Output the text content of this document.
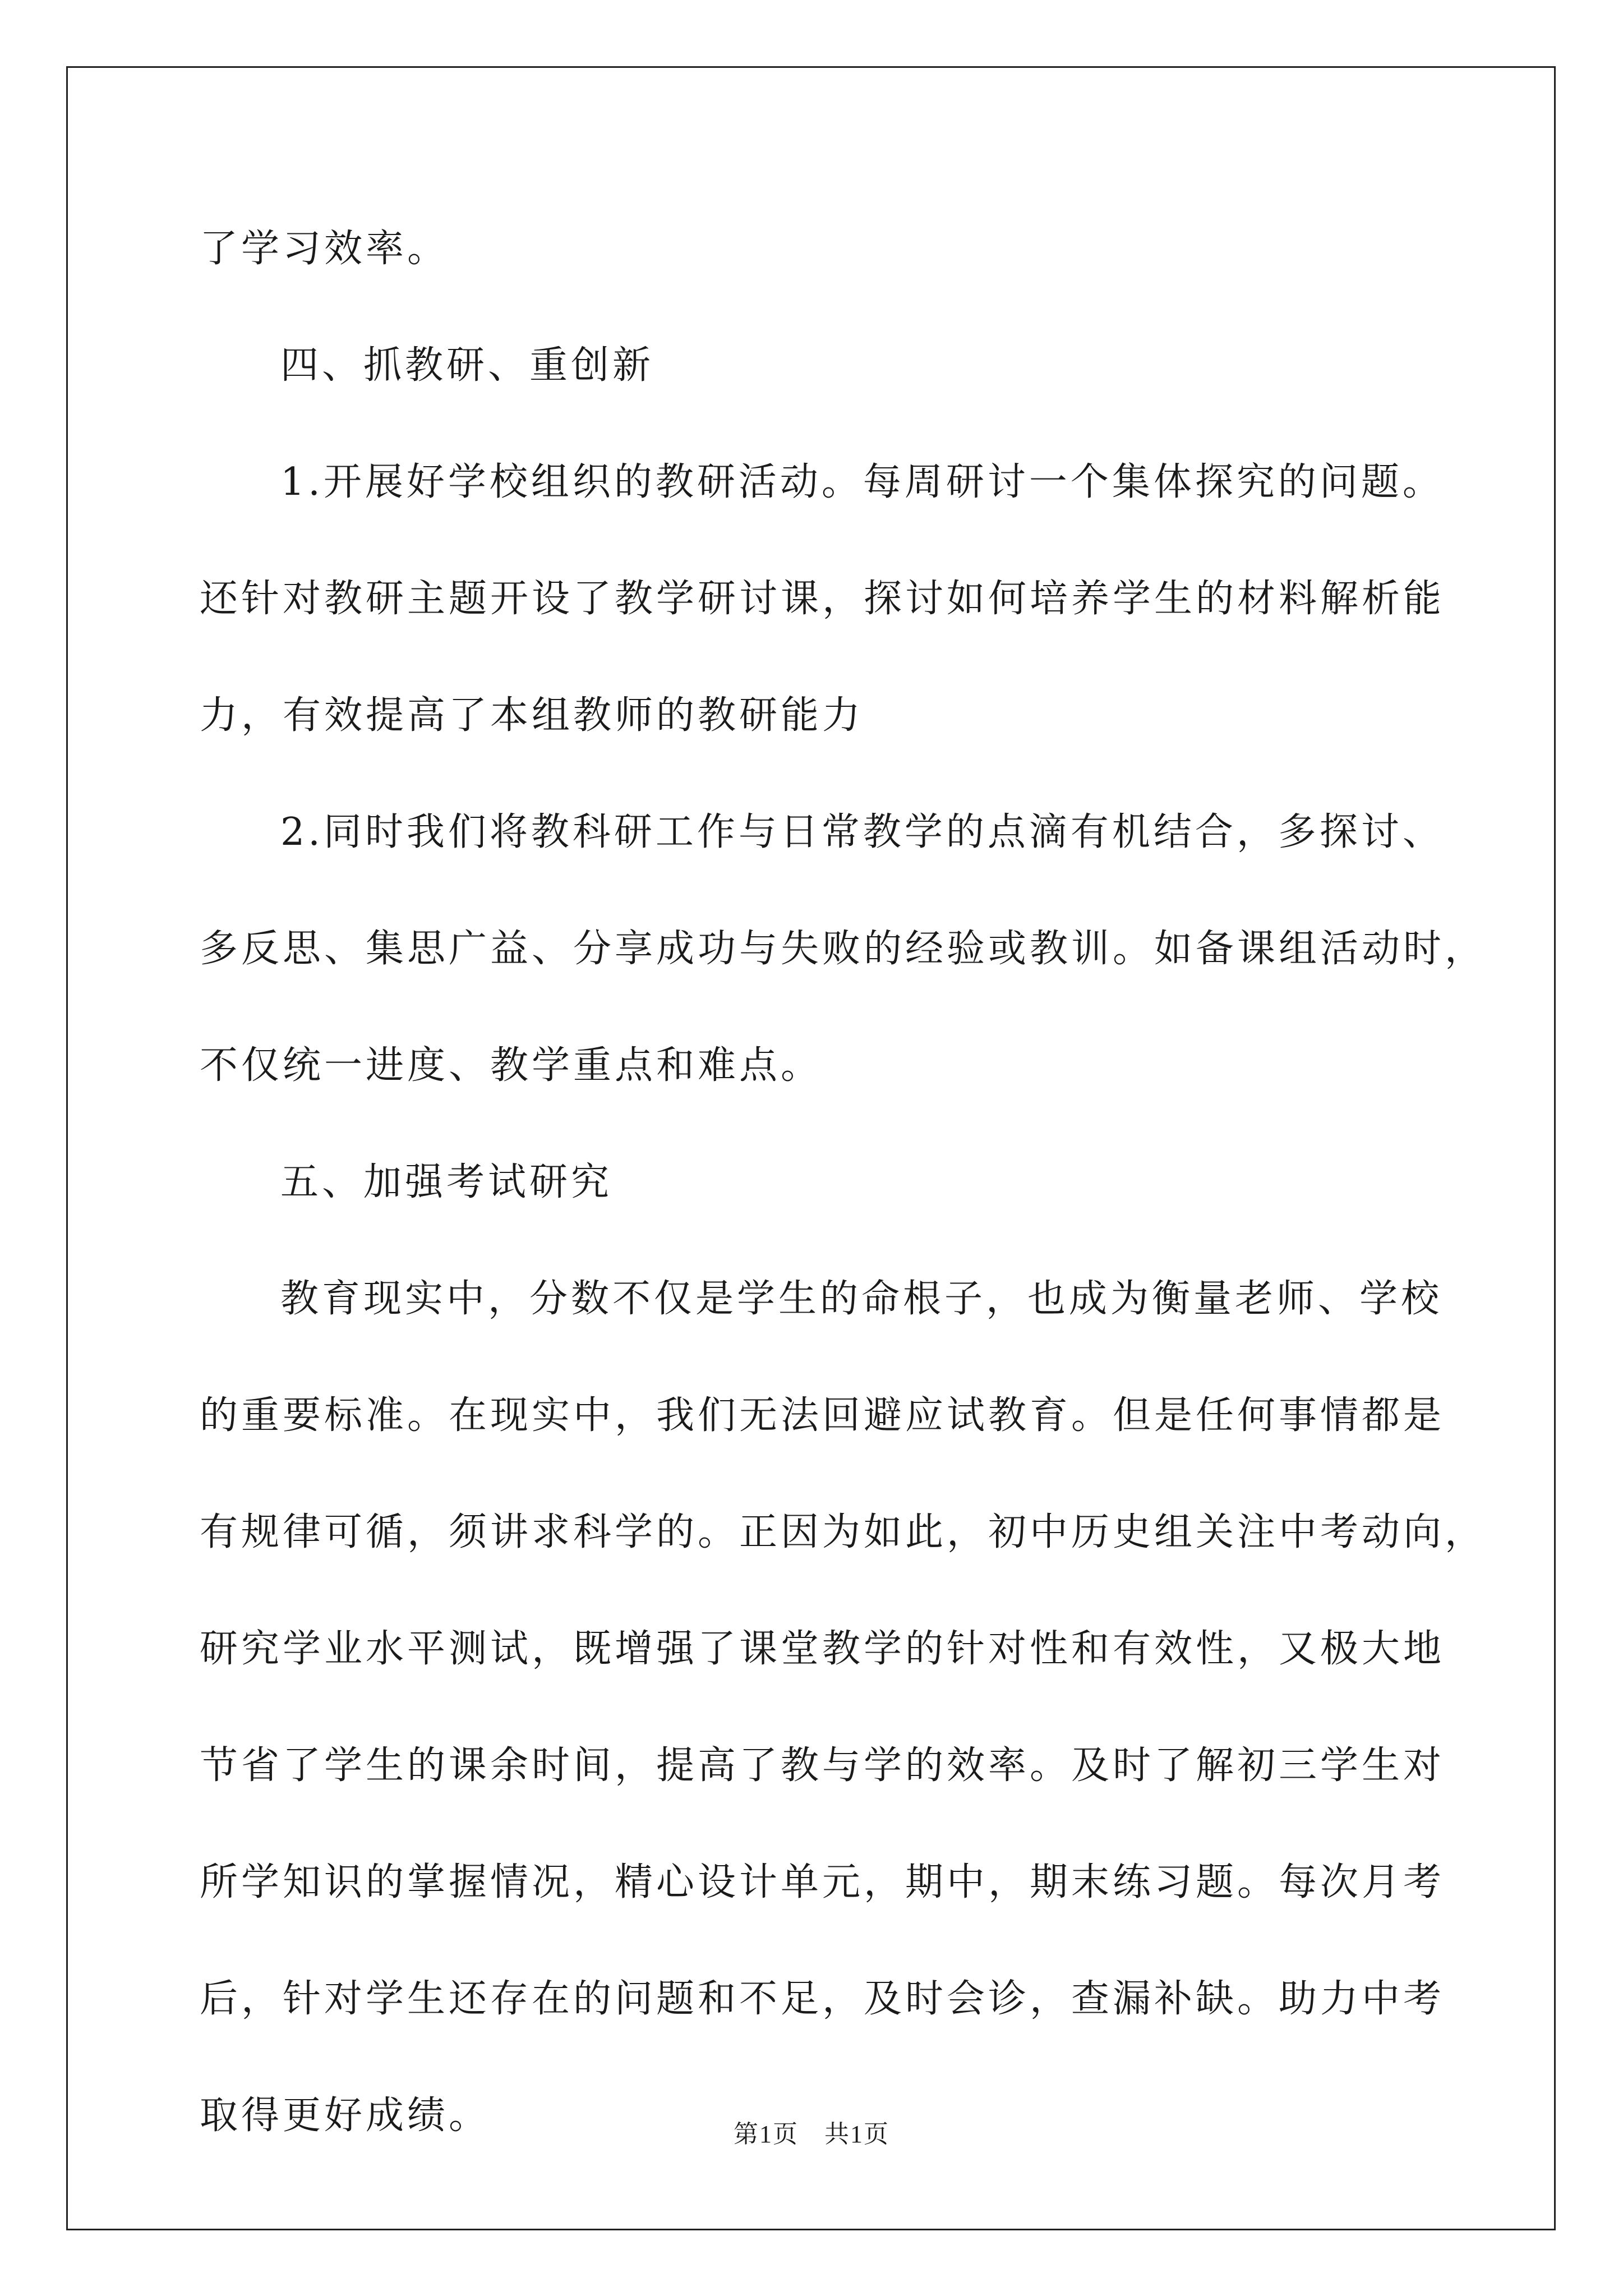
了学习效率。
四、抓教研、重创新
1.开展好学校组织的教研活动。每周研讨一个集体探究的问题。
还针对教研主题开设了教学研讨课，探讨如何培养学生的材料解析能
力，有效提高了本组教师的教研能力
2.同时我们将教科研工作与日常教学的点滴有机结合，多探讨、
多反思、集思广益、分享成功与失败的经验或教训。如备课组活动时，
不仅统一进度、教学重点和难点。
五、加强考试研究
教育现实中，分数不仅是学生的命根子，也成为衡量老师、学校
的重要标准。在现实中，我们无法回避应试教育。但是任何事情都是
有规律可循，须讲求科学的。正因为如此，初中历史组关注中考动向，
研究学业水平测试，既增强了课堂教学的针对性和有效性，又极大地
节省了学生的课余时间，提高了教与学的效率。及时了解初三学生对
所学知识的掌握情况，精心设计单元，期中，期末练习题。每次月考
后，针对学生还存在的问题和不足，及时会诊，查漏补缺。助力中考
取得更好成绩。	第1页　共1页
